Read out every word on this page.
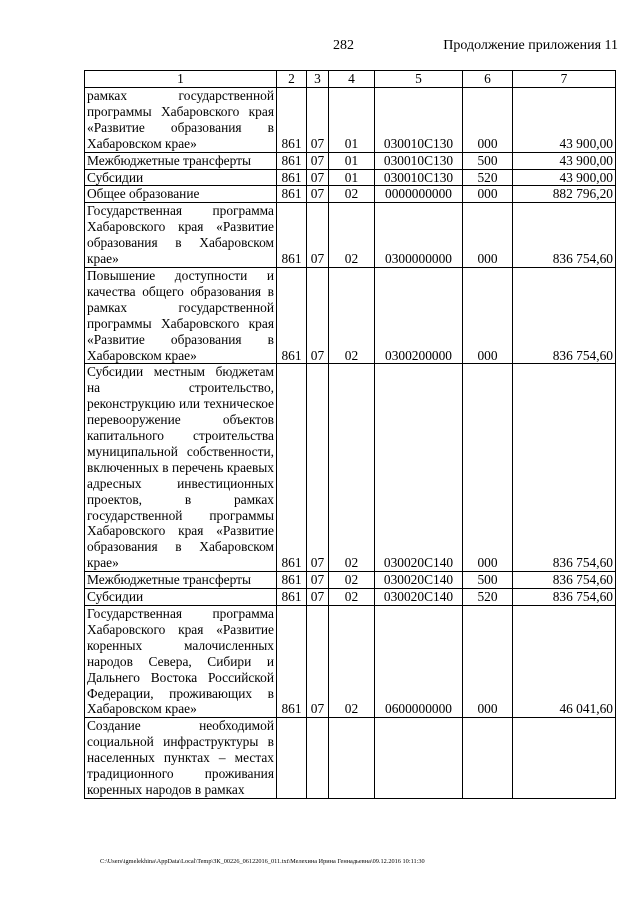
282	Продолжение приложения 11
1	2	3	4	5	6	7
рамках государственной программы Хабаровского края «Развитие образования в Хабаровском крае»	861	07	01	030010С130	000	43 900,00
Межбюджетные трансферты	861	07	01	030010С130	500	43 900,00
Субсидии	861	07	01	030010С130	520	43 900,00
Общее образование	861	07	02	0000000000	000	882 796,20
Государственная программа Хабаровского края «Развитие образования в Хабаровском крае»	861	07	02	0300000000	000	836 754,60
Повышение доступности и качества общего образования в рамках государственной программы Хабаровского края «Развитие образования в Хабаровском крае»	861	07	02	0300200000	000	836 754,60
Субсидии местным бюджетам на строительство, реконструкцию или техническое перевооружение объектов капитального строительства муниципальной собственности, включенных в перечень краевых адресных инвестиционных проектов, в рамках государственной программы Хабаровского края «Развитие образования в Хабаровском крае»	861	07	02	030020С140	000	836 754,60
Межбюджетные трансферты	861	07	02	030020С140	500	836 754,60
Субсидии	861	07	02	030020С140	520	836 754,60
Государственная программа Хабаровского края «Развитие коренных малочисленных народов Севера, Сибири и Дальнего Востока Российской Федерации, проживающих в Хабаровском крае»	861	07	02	0600000000	000	46 041,60
Создание необходимой социальной инфраструктуры в населенных пунктах – местах традиционного проживания коренных народов в рамках						
C:\Users\igmelekhina\AppData\Local\Temp\ЗК_00226_06122016_011.txt\Мелехина Ирина Геннадьевна\09.12.2016 10:11:30
